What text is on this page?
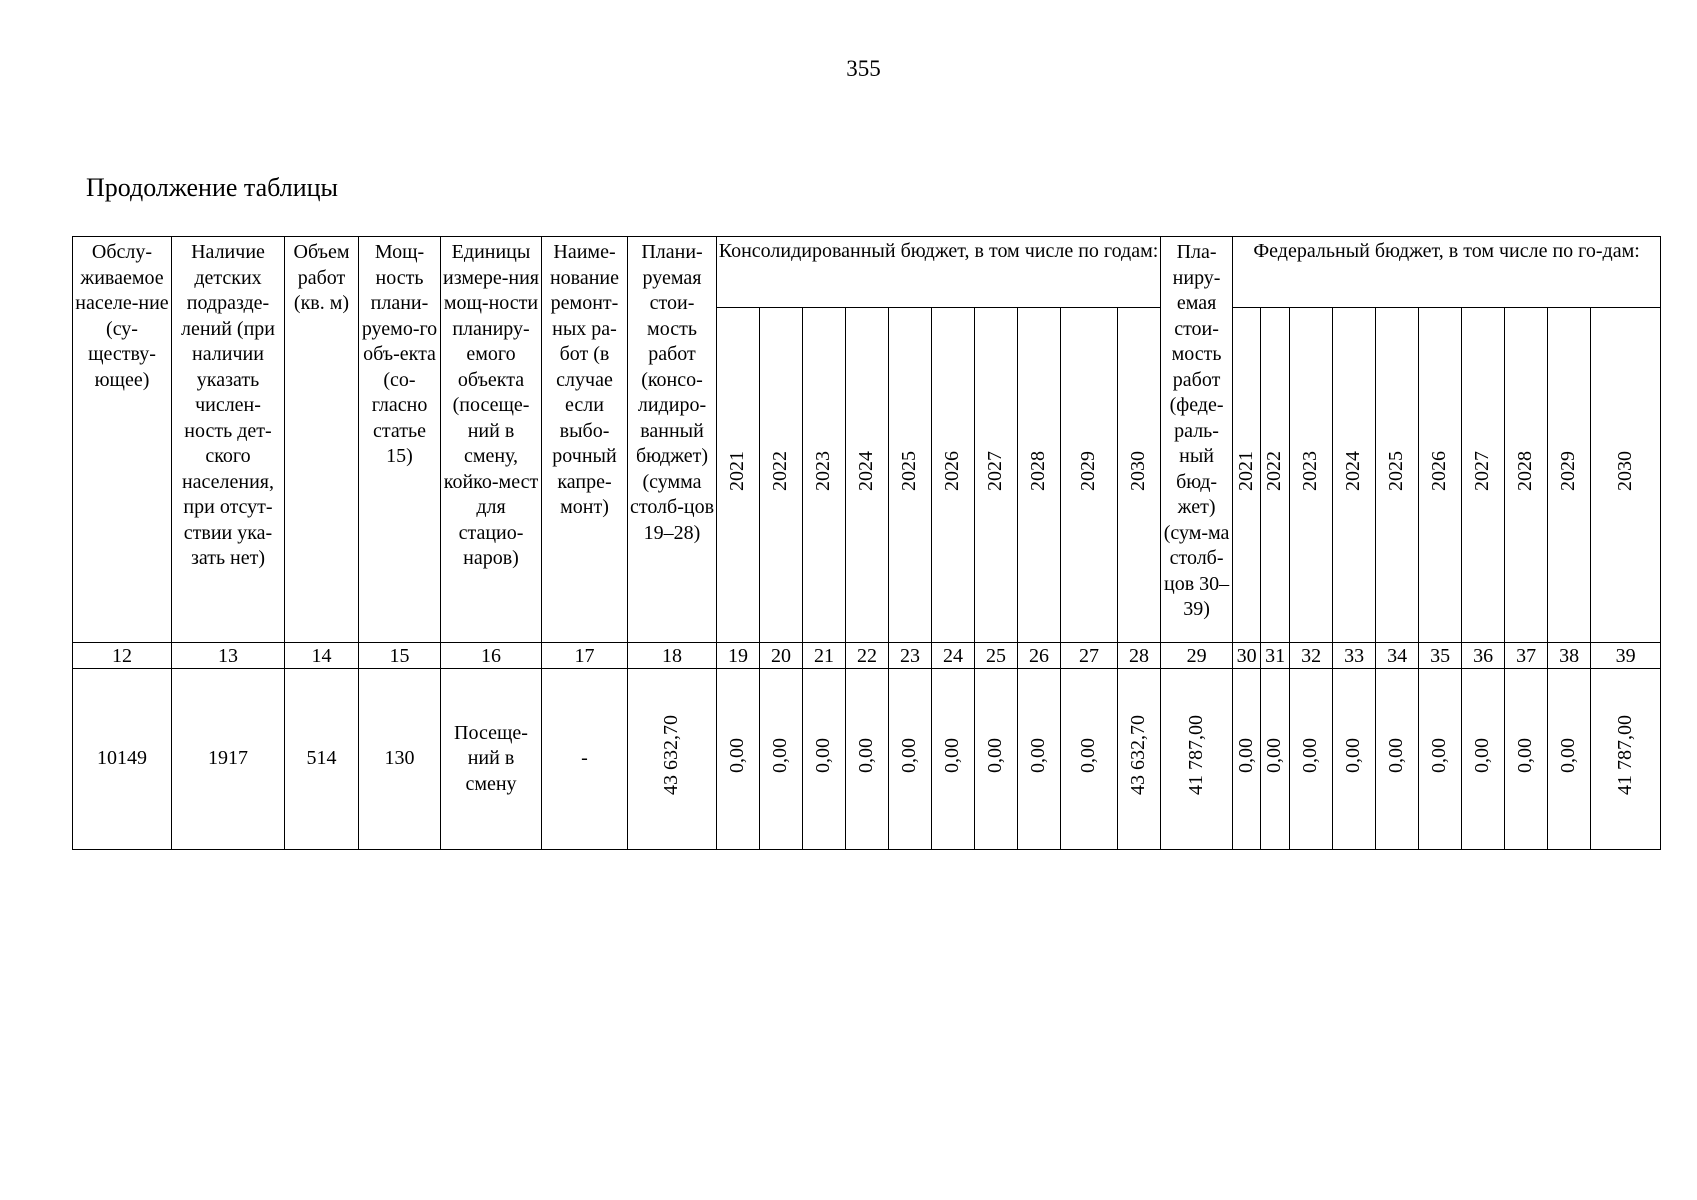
355
Продолжение таблицы
Обслу-живаемое населе-ние (су-ществу-ющее)	Наличие детских подразде-лений (при наличии указать числен-ность дет-ского населения, при отсут-ствии ука-зать нет)	Объем работ (кв. м)	Мощ-ность плани-руемо-го объ-екта (со-гласно статье 15)	Единицы измере-ния мощ-ности планиру-емого объекта (посеще-ний в смену, койко-мест для стацио-наров)	Наиме-нование ремонт-ных ра-бот (в случае если выбо-рочный капре-монт)	Плани-руемая стои-мость работ (консо-лидиро-ванный бюджет) (сумма столб-цов 19–28)	Консолидированный бюджет, в том числе по годам:										Пла-ниру-емая стои-мость работ (феде-раль-ный бюд-жет) (сум-ма столб-цов 30–39)	Федеральный бюджет, в том числе по го-дам:									
							2021	2022	2023	2024	2025	2026	2027	2028	2029	2030		2021	2022	2023	2024	2025	2026	2027	2028	2029	2030
12	13	14	15	16	17	18	19	20	21	22	23	24	25	26	27	28	29	30	31	32	33	34	35	36	37	38	39
10149	1917	514	130	Посеще-ний в смену	-	43 632,70	0,00	0,00	0,00	0,00	0,00	0,00	0,00	0,00	0,00	43 632,70	41 787,00	0,00	0,00	0,00	0,00	0,00	0,00	0,00	0,00	0,00	41 787,00
